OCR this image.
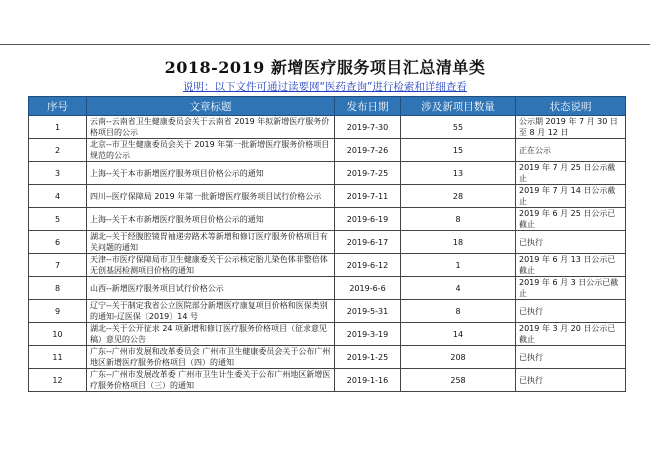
2018-2019 新增医疗服务项目汇总清单类
说明：以下文件可通过读要网“医药查询”进行检索和详细查看
序号	文章标题	发布日期	涉及新项目数量	状态说明
1	云南--云南省卫生健康委员会关于云南省 2019 年拟新增医疗服务价格项目的公示	2019-7-30	55	公示期 2019 年 7 月 30 日至 8 月 12 日
2	北京--市卫生健康委员会关于 2019 年第一批新增医疗服务价格项目规范的公示	2019-7-26	15	正在公示
3	上海--关于本市新增医疗服务项目价格公示的通知	2019-7-25	13	2019 年 7 月 25 日公示截止
4	四川--医疗保障局 2019 年第一批新增医疗服务项目试行价格公示	2019-7-11	28	2019 年 7 月 14 日公示截止
5	上海--关于本市新增医疗服务项目价格公示的通知	2019-6-19	8	2019 年 6 月 25 日公示已截止
6	湖北--关于经腹腔镜胃袖递旁路术等新增和修订医疗服务价格项目有关问题的通知	2019-6-17	18	已执行
7	天津--市医疗保障局市卫生健康委关于公示核定胎儿染色体非整倍体无创基因检测项目价格的通知	2019-6-12	1	2019 年 6 月 13 日公示已截止
8	山西--新增医疗服务项目试行价格公示	2019-6-6	4	2019 年 6 月 3 日公示已截止
9	辽宁--关于制定我省公立医院部分新增医疗康复项目价格和医保类别的通知-辽医保〔2019〕14 号	2019-5-31	8	已执行
10	湖北--关于公开征求 24 项新增和修订医疗服务价格项目（征求意见稿）意见的公告	2019-3-19	14	2019 年 3 月 20 日公示已截止
11	广东--广州市发展和改革委员会 广州市卫生健康委员会关于公布广州地区新增医疗服务价格项目（四）的通知	2019-1-25	208	已执行
12	广东--广州市发展改革委 广州市卫生计生委关于公布广州地区新增医疗服务价格项目（三）的通知	2019-1-16	258	已执行
